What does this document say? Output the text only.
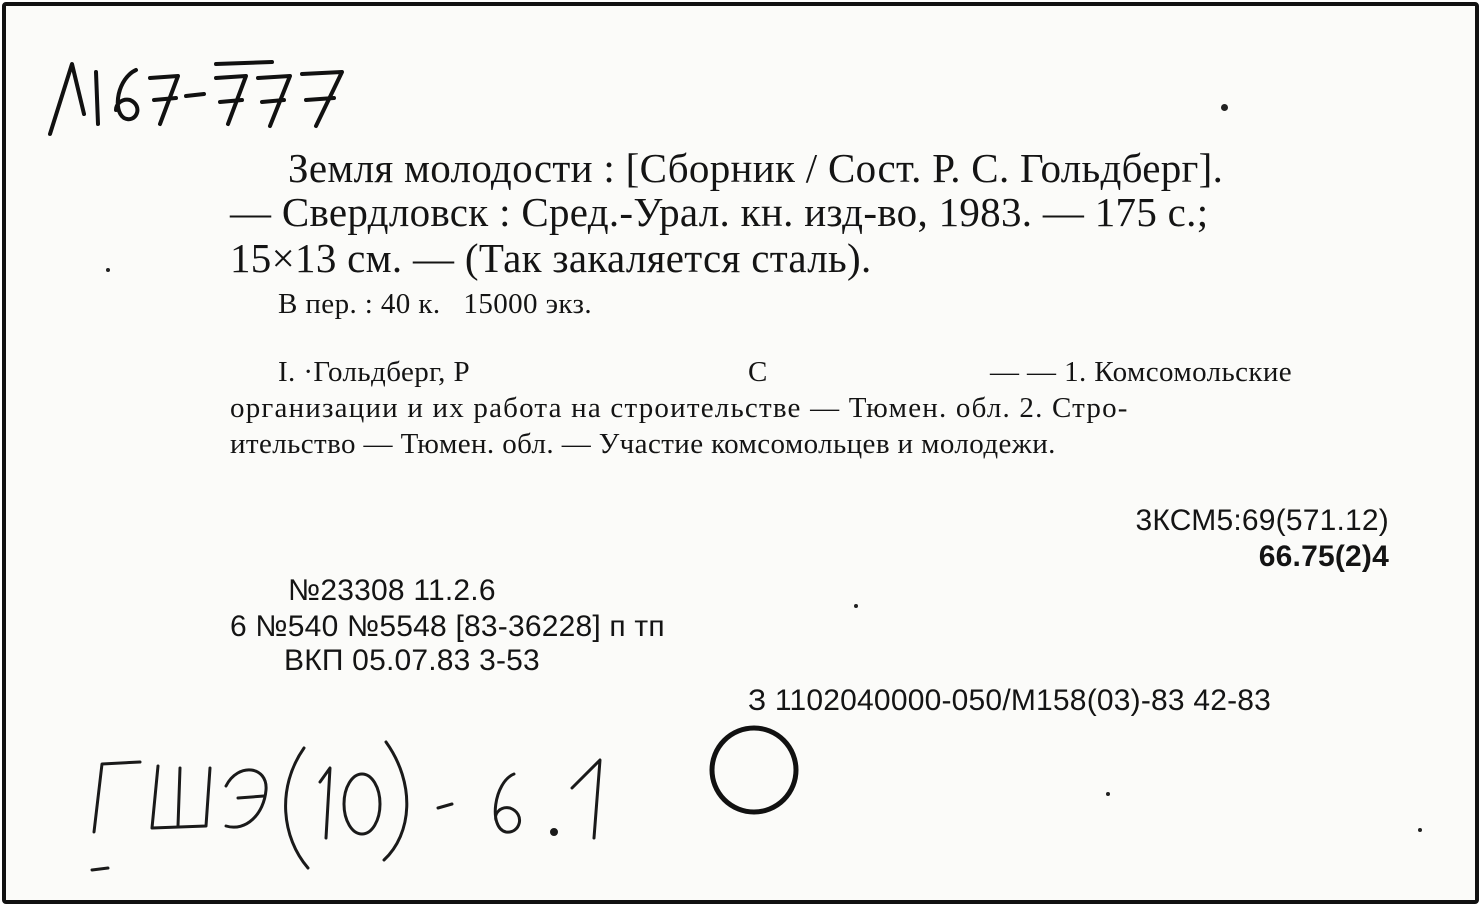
Земля молодости : [Сборник / Сост. Р. С. Гольдберг].
— Свердловск : Сред.-Урал. кн. изд-во, 1983. — 175 с.;
15×13 см. — (Так закаляется сталь).
В пер. : 40 к.   15000 экз.
I. ·Гольдберг, Р	С	— — 1. Комсомольские
организации и их работа на строительстве — Тюмен. обл. 2. Стро-
ительство — Тюмен. обл. — Участие комсомольцев и молодежи.
3КСМ5:69(571.12)
66.75(2)4
№23308 11.2.6
6 №540 №5548 [83-36228] п тп
ВКП 05.07.83 3-53
З 1102040000-050/М158(03)-83 42-83
